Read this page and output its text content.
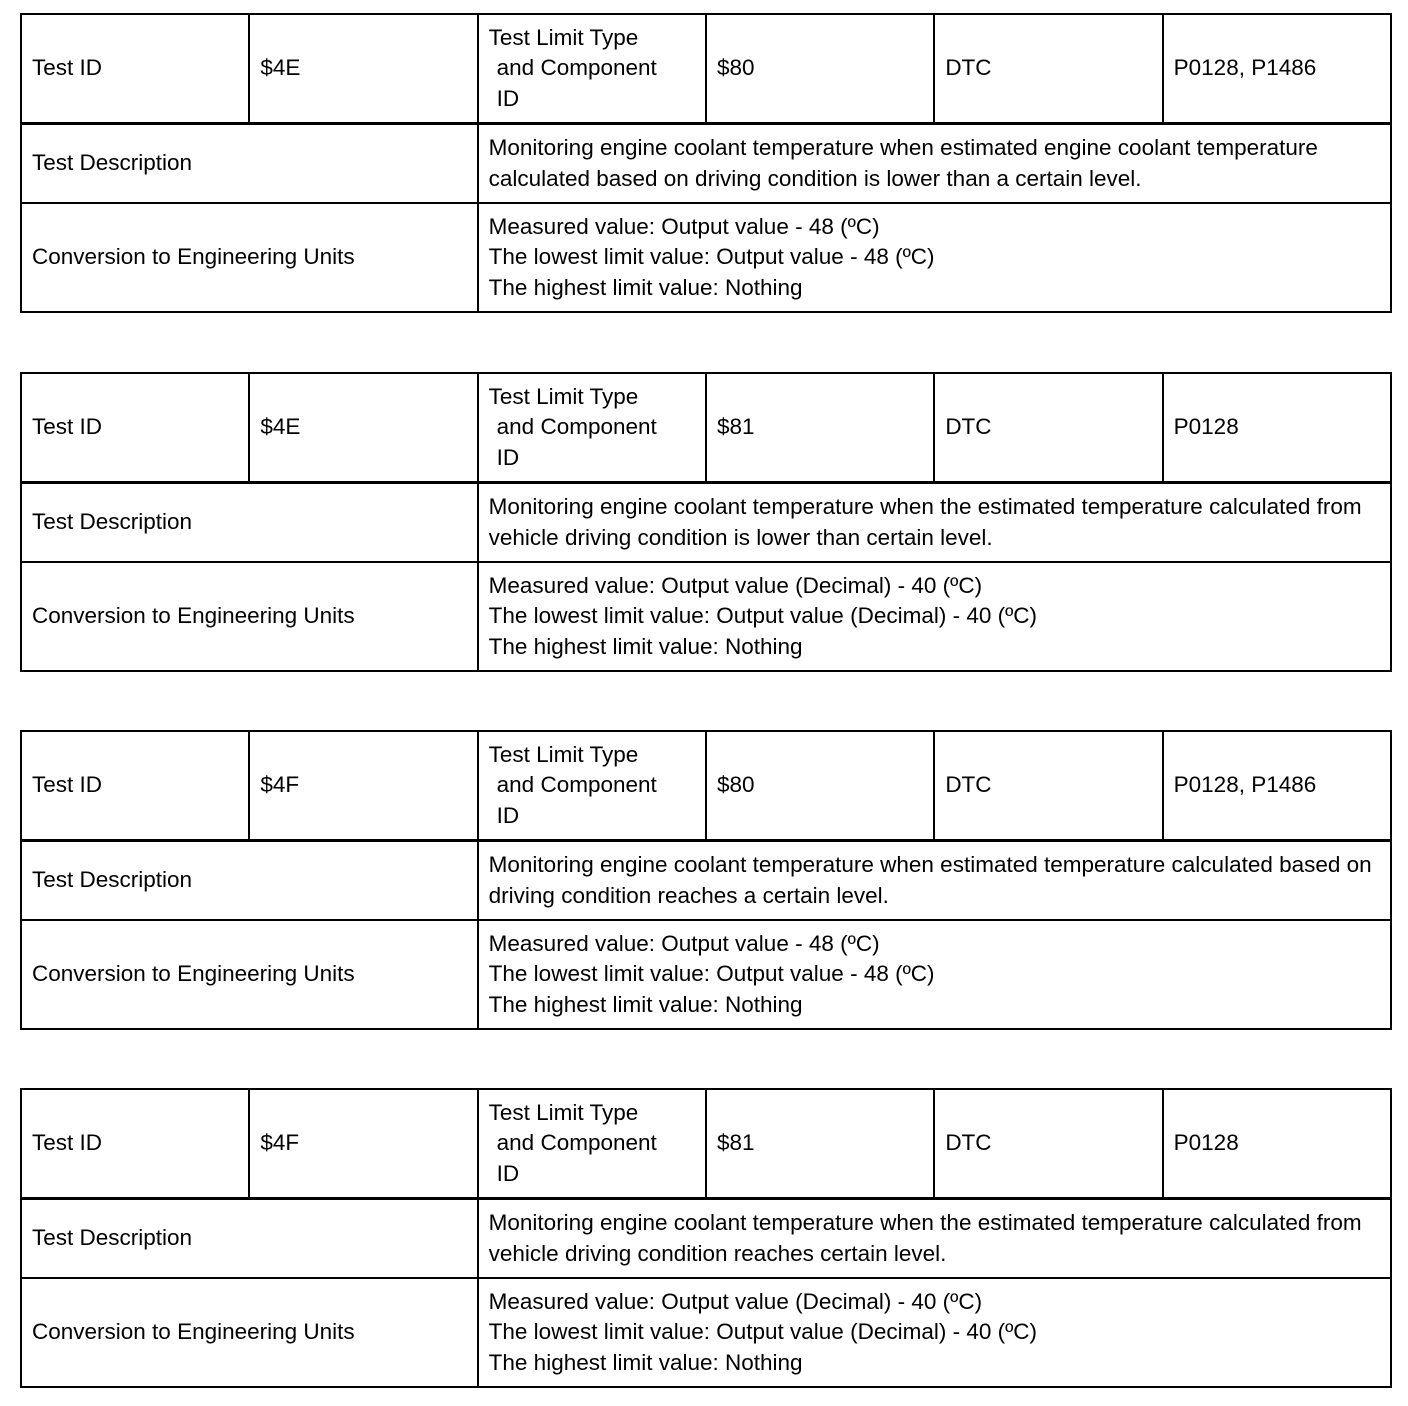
Test ID	$4E	Test Limit Type
and Component
ID	$80	DTC	P0128, P1486
Test Description		Monitoring engine coolant temperature when estimated engine coolant temperature calculated based on driving condition is lower than a certain level.			
Conversion to Engineering Units		Measured value: Output value - 48 (ºC)
The lowest limit value: Output value - 48 (ºC)
The highest limit value: Nothing			
Test ID	$4E	Test Limit Type
and Component
ID	$81	DTC	P0128
Test Description		Monitoring engine coolant temperature when the estimated temperature calculated from vehicle driving condition is lower than certain level.			
Conversion to Engineering Units		Measured value: Output value (Decimal) - 40 (ºC)
The lowest limit value: Output value (Decimal) - 40 (ºC)
The highest limit value: Nothing			
Test ID	$4F	Test Limit Type
and Component
ID	$80	DTC	P0128, P1486
Test Description		Monitoring engine coolant temperature when estimated temperature calculated based on driving condition reaches a certain level.			
Conversion to Engineering Units		Measured value: Output value - 48 (ºC)
The lowest limit value: Output value - 48 (ºC)
The highest limit value: Nothing			
Test ID	$4F	Test Limit Type
and Component
ID	$81	DTC	P0128
Test Description		Monitoring engine coolant temperature when the estimated temperature calculated from vehicle driving condition reaches certain level.			
Conversion to Engineering Units		Measured value: Output value (Decimal) - 40 (ºC)
The lowest limit value: Output value (Decimal) - 40 (ºC)
The highest limit value: Nothing			
